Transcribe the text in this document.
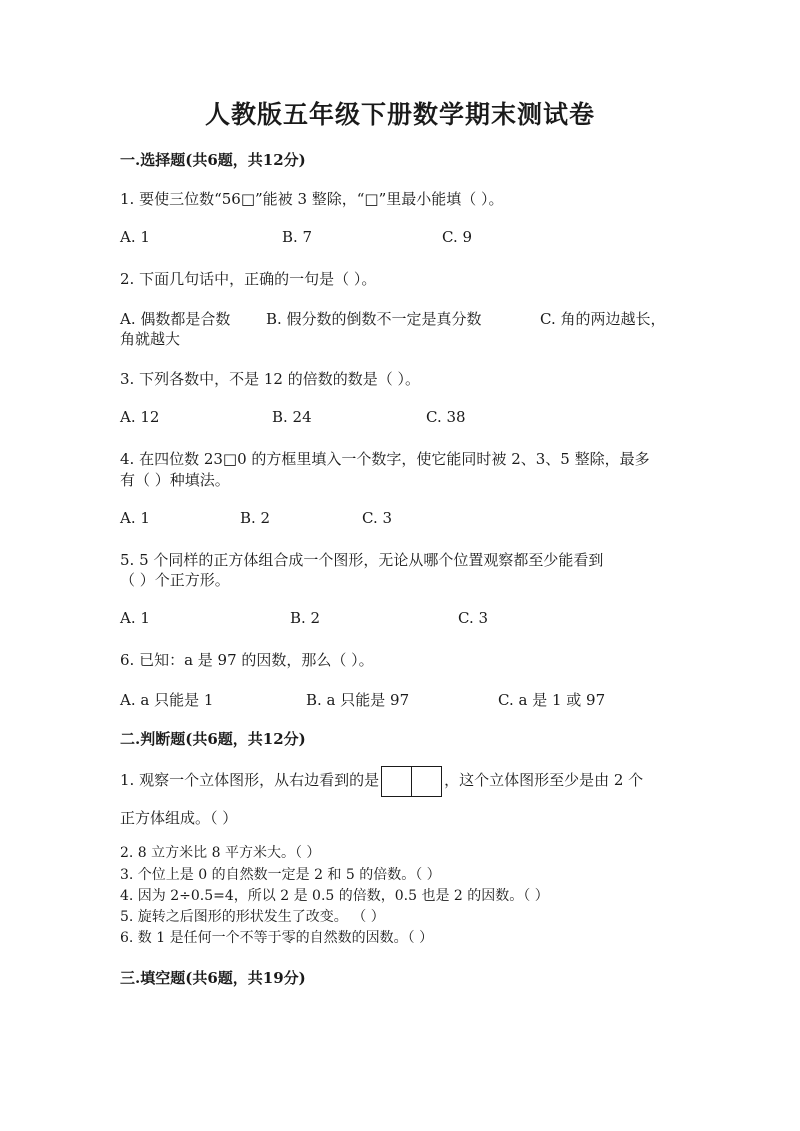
人教版五年级下册数学期末测试卷
一.选择题(共6题，共12分)
1. 要使三位数“56□”能被 3 整除，“□”里最小能填（ ）。
A. 1	B. 7	C. 9
2. 下面几句话中，正确的一句是（ ）。
A. 偶数都是合数 B. 假分数的倒数不一定是真分数	C. 角的两边越长，
角就越大
3. 下列各数中，不是 12 的倍数的数是（ ）。
A. 12	B. 24	C. 38
4. 在四位数 23□0 的方框里填入一个数字，使它能同时被 2、3、5 整除，最多
有（ ）种填法。
A. 1	B. 2	C. 3
5. 5 个同样的正方体组合成一个图形，无论从哪个位置观察都至少能看到
（ ）个正方形。
A. 1	B. 2	C. 3
6. 已知：a 是 97 的因数，那么（ ）。
A. a 只能是 1	B. a 只能是 97	C. a 是 1 或 97
二.判断题(共6题，共12分)
1. 观察一个立体图形，从右边看到的是	，这个立体图形至少是由 2 个
正方体组成。（ ）
2. 8 立方米比 8 平方米大。（ ）
3. 个位上是 0 的自然数一定是 2 和 5 的倍数。（ ）
4. 因为 2÷0.5=4，所以 2 是 0.5 的倍数，0.5 也是 2 的因数。（ ）
5. 旋转之后图形的形状发生了改变。 （ ）
6. 数 1 是任何一个不等于零的自然数的因数。（ ）
三.填空题(共6题，共19分)
